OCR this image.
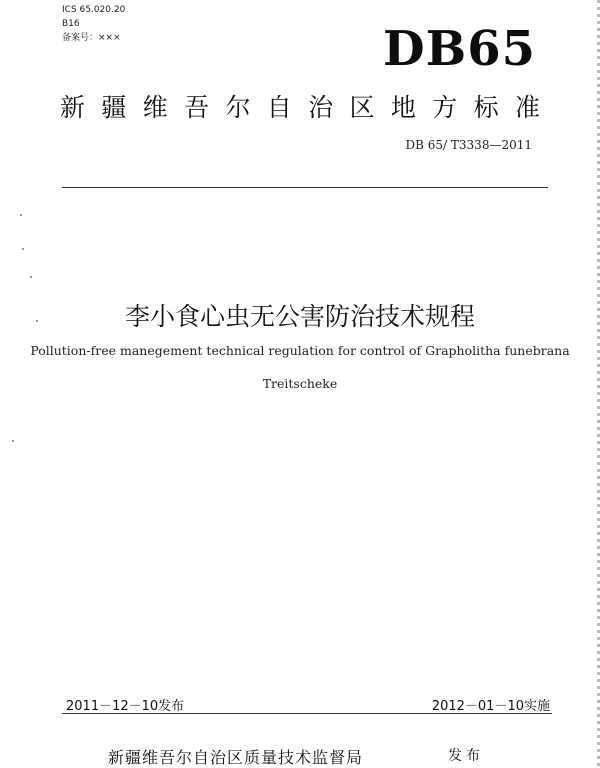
ICS 65.020.20
B16
备案号：×××	DB65
新 疆 维 吾 尔 自 治 区 地 方 标 准
DB 65/ T3338—2011
李小食心虫无公害防治技术规程
Pollution-free manegement technical regulation for control of Grapholitha funebrana
Treitscheke
2011－12－10发布	2012－01－10实施
新疆维吾尔自治区质量技术监督局	发布
